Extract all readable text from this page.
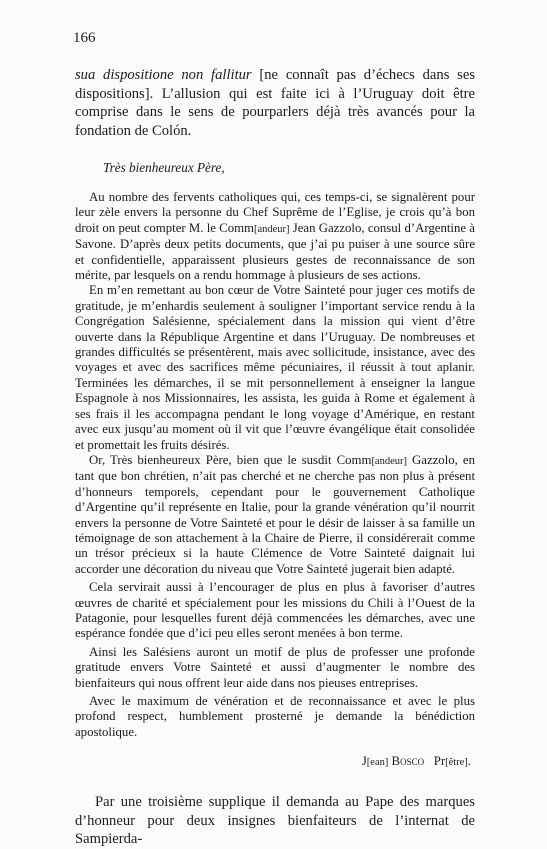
166

sua dispositione non fallitur [ne connaît pas d’échecs dans ses dispositions]. L’allusion qui est faite ici à l’Uruguay doit être comprise dans le sens de pourparlers déjà très avancés pour la fondation de Colón.

Très bienheureux Père,

Au nombre des fervents catholiques qui, ces temps-ci, se signalèrent pour leur zèle envers la personne du Chef Suprême de l’Eglise, je crois qu’à bon droit on peut compter M. le Comm[andeur] Jean Gazzolo, consul d’Argentine à Savone. D’après deux petits documents, que j’ai pu puiser à une source sûre et confidentielle, apparaissent plusieurs gestes de reconnaissance de son mérite, par lesquels on a rendu hommage à plusieurs de ses actions.

En m’en remettant au bon cœur de Votre Sainteté pour juger ces motifs de gratitude, je m’enhardis seulement à souligner l’important service rendu à la Congrégation Salésienne, spécialement dans la mission qui vient d’être ouverte dans la République Argentine et dans l’Uruguay. De nombreuses et grandes difficultés se présentèrent, mais avec sollicitude, insistance, avec des voyages et avec des sacrifices même pécuniaires, il réussit à tout aplanir. Terminées les démarches, il se mit personnellement à enseigner la langue Espagnole à nos Missionnaires, les assista, les guida à Rome et également à ses frais il les accompagna pendant le long voyage d’Amérique, en restant avec eux jusqu’au moment où il vit que l’œuvre évangélique était consolidée et promettait les fruits désirés.

Or, Très bienheureux Père, bien que le susdit Comm[andeur] Gazzolo, en tant que bon chrétien, n’ait pas cherché et ne cherche pas non plus à présent d’honneurs temporels, cependant pour le gouvernement Catholique d’Argentine qu’il représente en Italie, pour la grande vénération qu’il nourrit envers la personne de Votre Sainteté et pour le désir de laisser à sa famille un témoignage de son attachement à la Chaire de Pierre, il considérerait comme un trésor précieux si la haute Clémence de Votre Sainteté daignait lui accorder une décoration du niveau que Votre Sainteté jugerait bien adapté.

Cela servirait aussi à l’encourager de plus en plus à favoriser d’autres œuvres de charité et spécialement pour les missions du Chili à l’Ouest de la Patagonie, pour lesquelles furent déjà commencées les démarches, avec une espérance fondée que d’ici peu elles seront menées à bon terme.

Ainsi les Salésiens auront un motif de plus de professer une profonde gratitude envers Votre Sainteté et aussi d’augmenter le nombre des bienfaiteurs qui nous offrent leur aide dans nos pieuses entreprises.

Avec le maximum de vénération et de reconnaissance et avec le plus profond respect, humblement prosterné je demande la bénédiction apostolique.

J[ean] Bosco Pr[être].
Par une troisième supplique il demanda au Pape des marques d’honneur pour deux insignes bienfaiteurs de l’internat de Sampierda-
